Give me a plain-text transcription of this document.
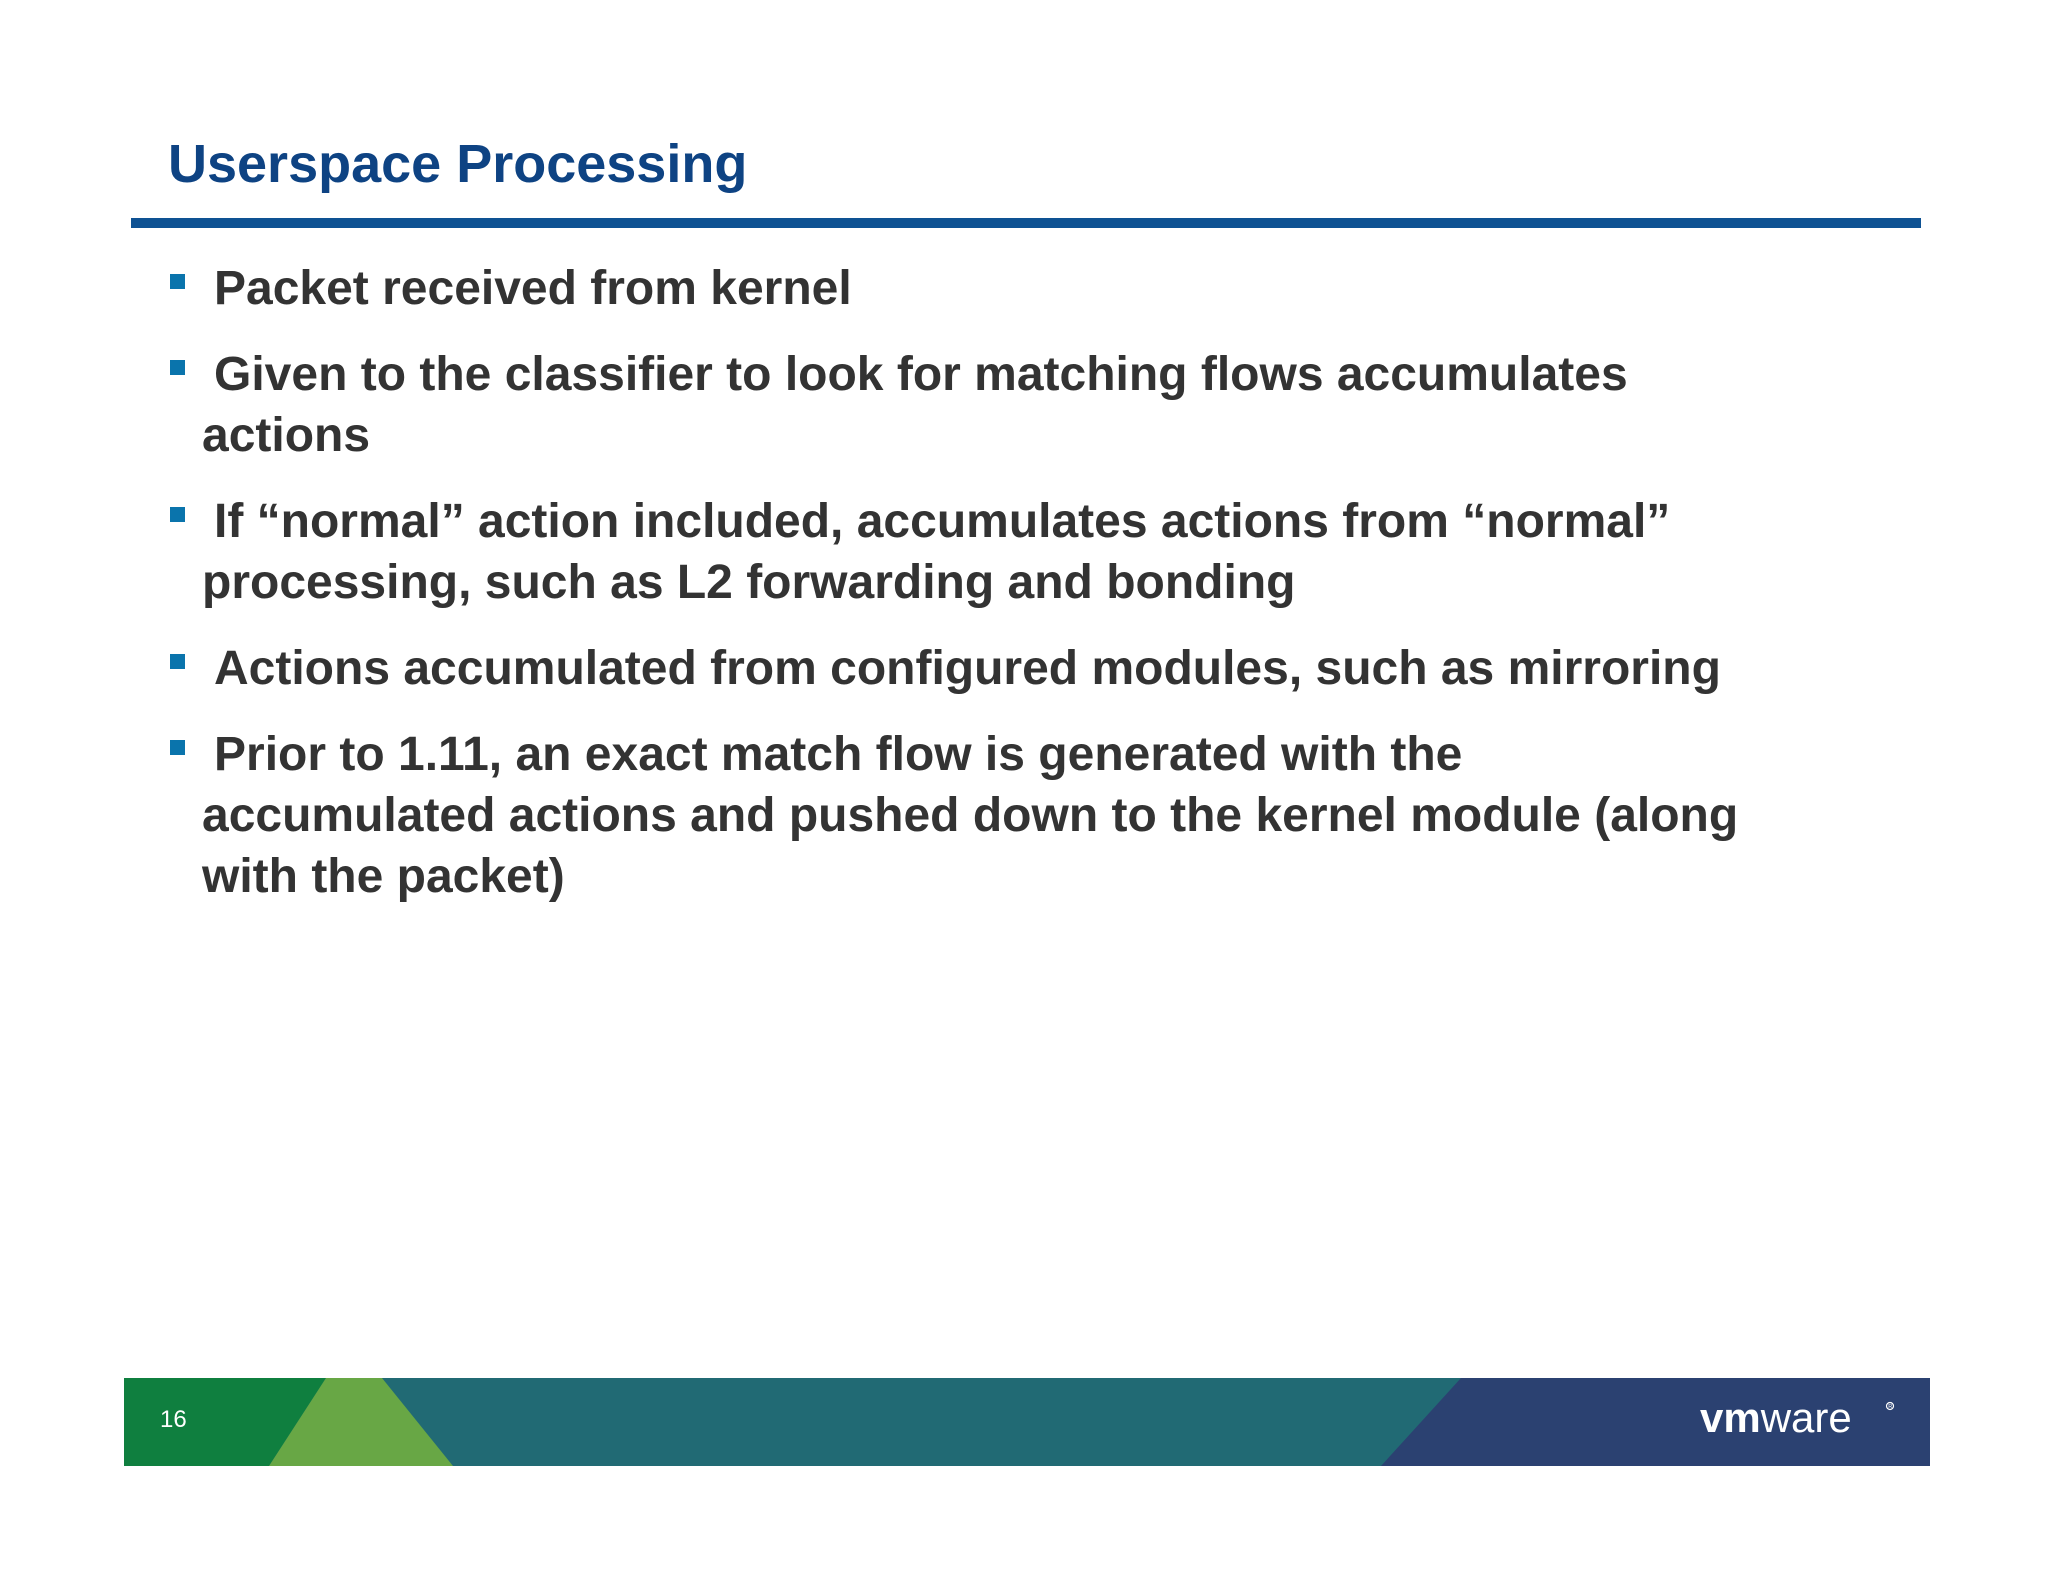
Userspace Processing
Packet received from kernel
Given to the classifier to look for matching flows accumulates
actions
If “normal” action included, accumulates actions from “normal”
processing, such as L2 forwarding and bonding
Actions accumulated from configured modules, such as mirroring
Prior to 1.11, an exact match flow is generated with the
accumulated actions and pushed down to the kernel module (along
with the packet)
16	vmware	R
